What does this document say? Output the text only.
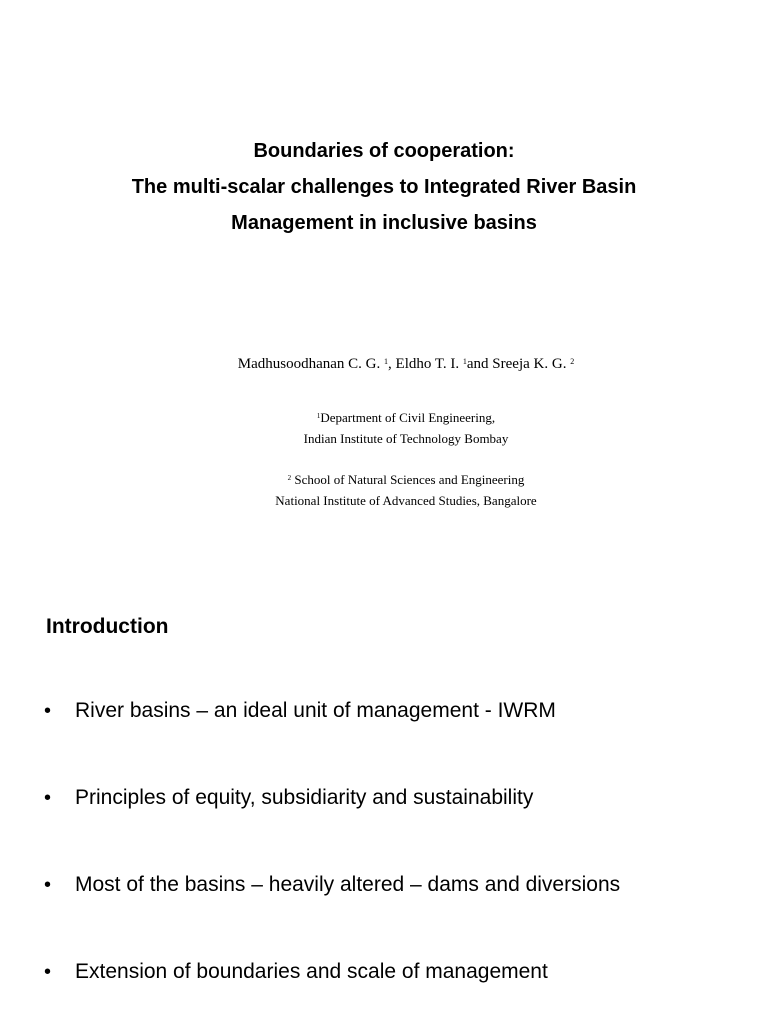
Boundaries of cooperation:
The multi-scalar challenges to Integrated River Basin
Management in inclusive basins
Madhusoodhanan C. G. $^1$, Eldho T. I. $^1$and Sreeja K. G. $^2$
$^1$Department of Civil Engineering,
Indian Institute of Technology Bombay
$^2$ School of Natural Sciences and Engineering
National Institute of Advanced Studies, Bangalore
Introduction
• River basins – an ideal unit of management - IWRM
• Principles of equity, subsidiarity and sustainability
• Most of the basins – heavily altered – dams and diversions
• Extension of boundaries and scale of management
